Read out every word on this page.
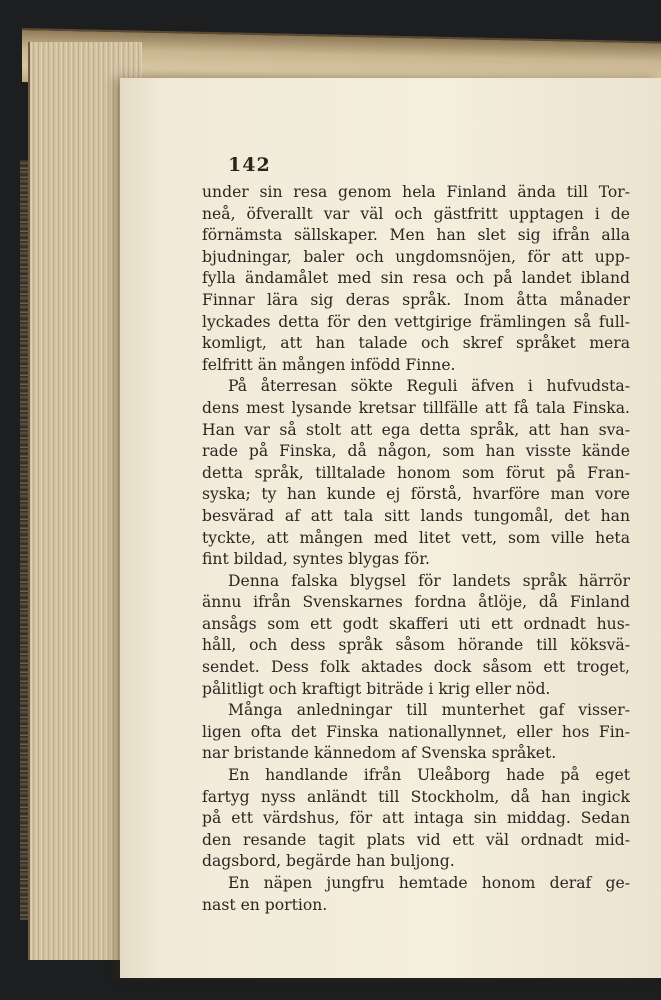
142
under sin resa genom hela Finland ända till Tor-
neå, öfverallt var väl och gästfritt upptagen i de
förnämsta sällskaper. Men han slet sig ifrån alla
bjudningar, baler och ungdomsnöjen, för att upp-
fylla ändamålet med sin resa och på landet ibland
Finnar lära sig deras språk. Inom åtta månader
lyckades detta för den vettgirige främlingen så full-
komligt, att han talade och skref språket mera
felfritt än mången infödd Finne.
På återresan sökte Reguli äfven i hufvudsta-
dens mest lysande kretsar tillfälle att få tala Finska.
Han var så stolt att ega detta språk, att han sva-
rade på Finska, då någon, som han visste kände
detta språk, tilltalade honom som förut på Fran-
syska; ty han kunde ej förstå, hvarföre man vore
besvärad af att tala sitt lands tungomål, det han
tyckte, att mången med litet vett, som ville heta
fint bildad, syntes blygas för.
Denna falska blygsel för landets språk härrör
ännu ifrån Svenskarnes fordna åtlöje, då Finland
ansågs som ett godt skafferi uti ett ordnadt hus-
håll, och dess språk såsom hörande till köksvä-
sendet. Dess folk aktades dock såsom ett troget,
pålitligt och kraftigt biträde i krig eller nöd.
Många anledningar till munterhet gaf visser-
ligen ofta det Finska nationallynnet, eller hos Fin-
nar bristande kännedom af Svenska språket.
En handlande ifrån Uleåborg hade på eget
fartyg nyss anländt till Stockholm, då han ingick
på ett värdshus, för att intaga sin middag. Sedan
den resande tagit plats vid ett väl ordnadt mid-
dagsbord, begärde han buljong.
En näpen jungfru hemtade honom deraf ge-
nast en portion.
